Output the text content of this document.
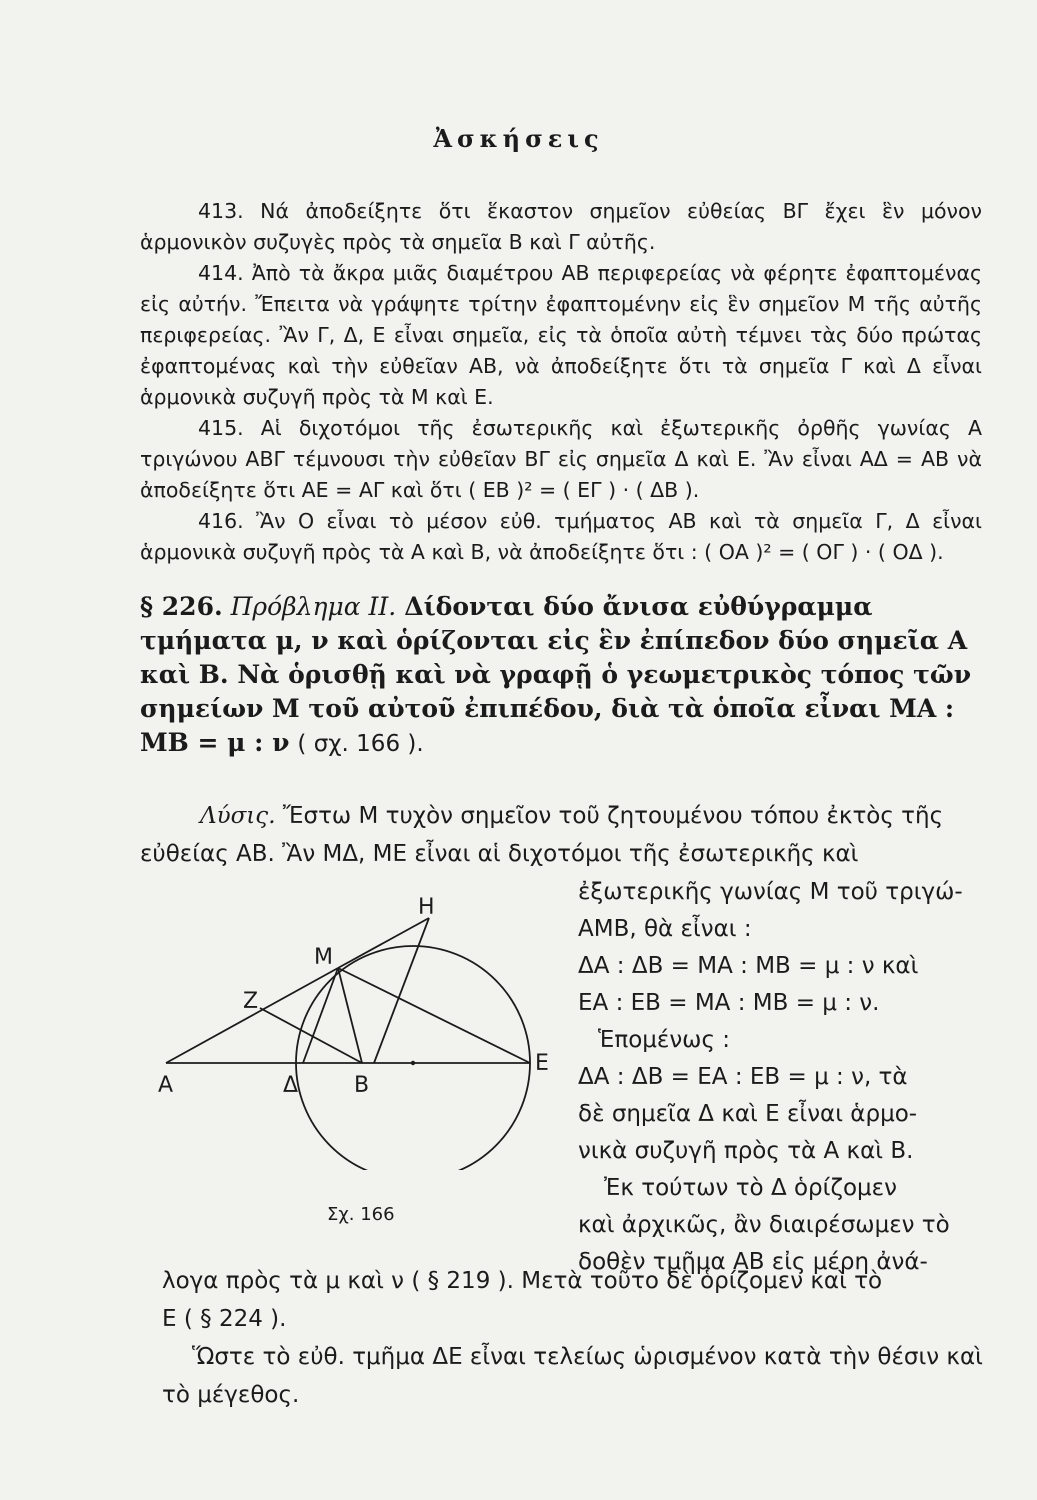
Ἀσκήσεις

413. Νά ἀποδείξητε ὅτι ἕκαστον σημεῖον εὐθείας ΒΓ ἔχει ἓν μόνον ἁρμονικὸν συζυγὲς πρὸς τὰ σημεῖα Β καὶ Γ αὐτῆς.

414. Ἀπὸ τὰ ἄκρα μιᾶς διαμέτρου ΑΒ περιφερείας νὰ φέρητε ἐφαπτομένας εἰς αὐτήν. Ἔπειτα νὰ γράψητε τρίτην ἐφαπτομένην εἰς ἓν σημεῖον Μ τῆς αὐτῆς περιφερείας. Ἂν Γ, Δ, Ε εἶναι σημεῖα, εἰς τὰ ὁποῖα αὐτὴ τέμνει τὰς δύο πρώτας ἐφαπτομένας καὶ τὴν εὐθεῖαν ΑΒ, νὰ ἀποδείξητε ὅτι τὰ σημεῖα Γ καὶ Δ εἶναι ἁρμονικὰ συζυγῆ πρὸς τὰ Μ καὶ Ε.

415. Αἱ διχοτόμοι τῆς ἐσωτερικῆς καὶ ἐξωτερικῆς ὀρθῆς γωνίας Α τριγώνου ΑΒΓ τέμνουσι τὴν εὐθεῖαν ΒΓ εἰς σημεῖα Δ καὶ Ε. Ἂν εἶναι ΑΔ = ΑΒ νὰ ἀποδείξητε ὅτι ΑΕ = ΑΓ καὶ ὅτι ( ΕΒ )² = ( ΕΓ ) · ( ΔΒ ).

416. Ἂν Ο εἶναι τὸ μέσον εὐθ. τμήματος ΑΒ καὶ τὰ σημεῖα Γ, Δ εἶναι ἁρμονικὰ συζυγῆ πρὸς τὰ Α καὶ Β, νὰ ἀποδείξητε ὅτι : ( ΟΑ )² = ( ΟΓ ) · ( ΟΔ ).

§ 226. Πρόβλημα ΙΙ. Δίδονται δύο ἄνισα εὐθύγραμμα τμήματα μ, ν καὶ ὁρίζονται εἰς ἓν ἐπίπεδον δύο σημεῖα Α καὶ Β. Νὰ ὁρισθῇ καὶ νὰ γραφῇ ὁ γεωμετρικὸς τόπος τῶν σημείων Μ τοῦ αὐτοῦ ἐπιπέδου, διὰ τὰ ὁποῖα εἶναι ΜΑ : ΜΒ = μ : ν ( σχ. 166 ).

Λύσις. Ἔστω Μ τυχὸν σημεῖον τοῦ ζητουμένου τόπου ἐκτὸς τῆς εὐθείας ΑΒ. Ἂν ΜΔ, ΜΕ εἶναι αἱ διχοτόμοι τῆς ἐσωτερικῆς καὶ

Α	Δ	Β
Ε
Μ
Ζ
Η
Σχ. 166

ἐξωτερικῆς γωνίας Μ τοῦ τριγώ-

ΑΜΒ, θὰ εἶναι :

ΔΑ : ΔΒ = ΜΑ : ΜΒ = μ : ν καὶ

ΕΑ : ΕΒ = ΜΑ : ΜΒ = μ : ν.

Ἑπομένως :

ΔΑ : ΔΒ = ΕΑ : ΕΒ = μ : ν, τὰ

δὲ σημεῖα Δ καὶ Ε εἶναι ἁρμο-

νικὰ συζυγῆ πρὸς τὰ Α καὶ Β.

Ἐκ τούτων τὸ Δ ὁρίζομεν

καὶ ἀρχικῶς, ἂν διαιρέσωμεν τὸ

δοθὲν τμῆμα ΑΒ εἰς μέρη ἀνά-

λογα πρὸς τὰ μ καὶ ν ( § 219 ). Μετὰ τοῦτο δὲ ὁρίζομεν καὶ τὸ

Ε ( § 224 ).

Ὥστε τὸ εὐθ. τμῆμα ΔΕ εἶναι τελείως ὡρισμένον κατὰ τὴν θέσιν καὶ τὸ μέγεθος.
